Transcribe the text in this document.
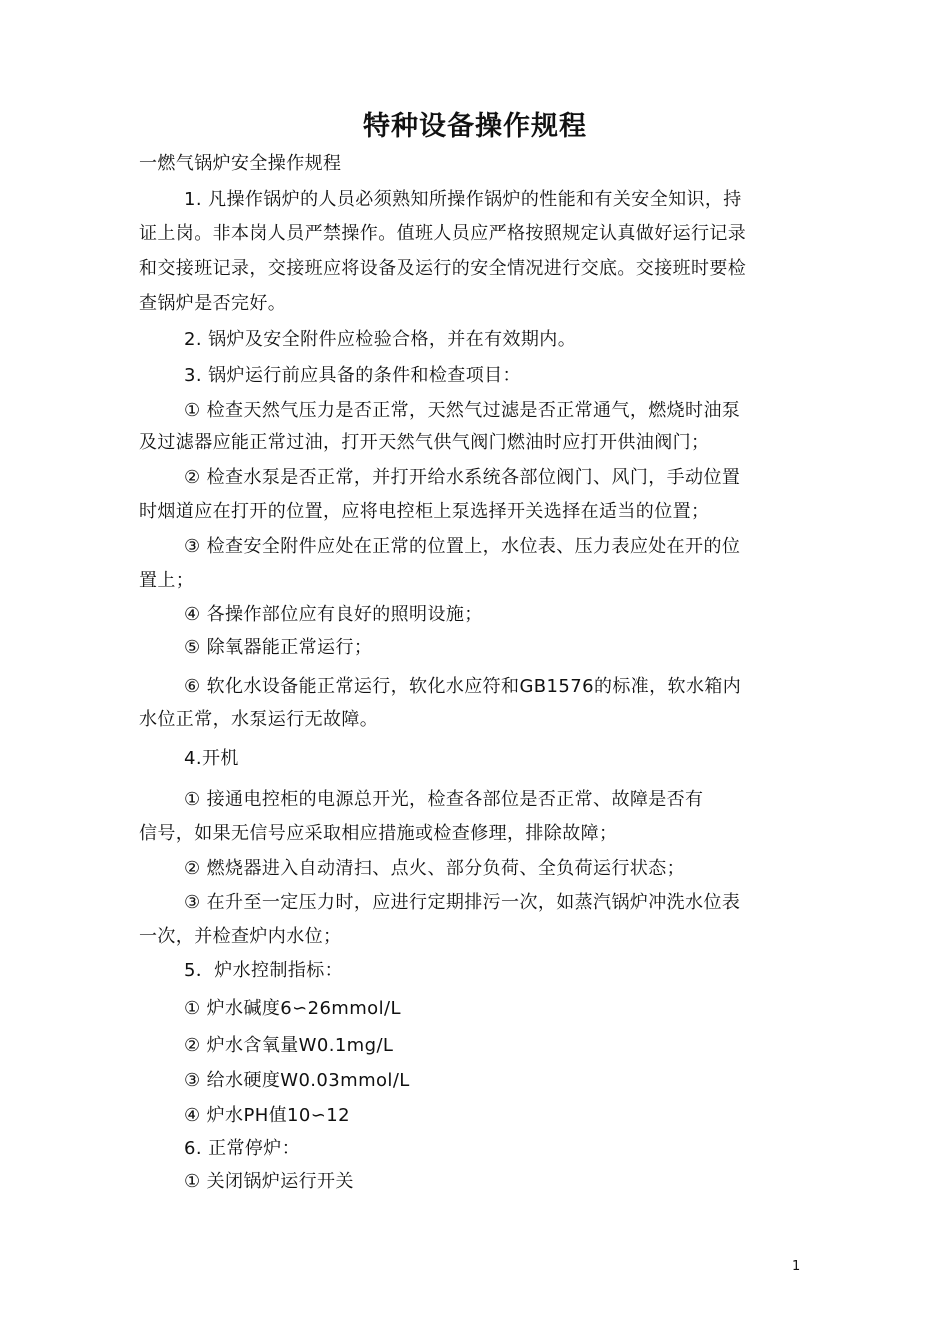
特种设备操作规程
一燃气锅炉安全操作规程
1. 凡操作锅炉的人员必须熟知所操作锅炉的性能和有关安全知识，持
证上岗。非本岗人员严禁操作。值班人员应严格按照规定认真做好运行记录
和交接班记录，交接班应将设备及运行的安全情况进行交底。交接班时要检
查锅炉是否完好。
2. 锅炉及安全附件应检验合格，并在有效期内。
3. 锅炉运行前应具备的条件和检查项目：
① 检查天然气压力是否正常，天然气过滤是否正常通气，燃烧时油泵
及过滤器应能正常过油，打开天然气供气阀门燃油时应打开供油阀门；
② 检查水泵是否正常，并打开给水系统各部位阀门、风门，手动位置
时烟道应在打开的位置，应将电控柜上泵选择开关选择在适当的位置；
③ 检查安全附件应处在正常的位置上，水位表、压力表应处在开的位
置上；
④ 各操作部位应有良好的照明设施；
⑤ 除氧器能正常运行；
⑥ 软化水设备能正常运行，软化水应符和GB1576的标准，软水箱内
水位正常，水泵运行无故障。
4.开机
① 接通电控柜的电源总开光，检查各部位是否正常、故障是否有
信号，如果无信号应采取相应措施或检查修理，排除故障；
② 燃烧器进入自动清扫、点火、部分负荷、全负荷运行状态；
③ 在升至一定压力时，应进行定期排污一次，如蒸汽锅炉冲洗水位表
一次，并检查炉内水位；
5．炉水控制指标：
① 炉水碱度6∽26mmol/L
② 炉水含氧量W0.1mg/L
③ 给水硬度W0.03mmol/L
④ 炉水PH值10∽12
6. 正常停炉：
① 关闭锅炉运行开关
1
